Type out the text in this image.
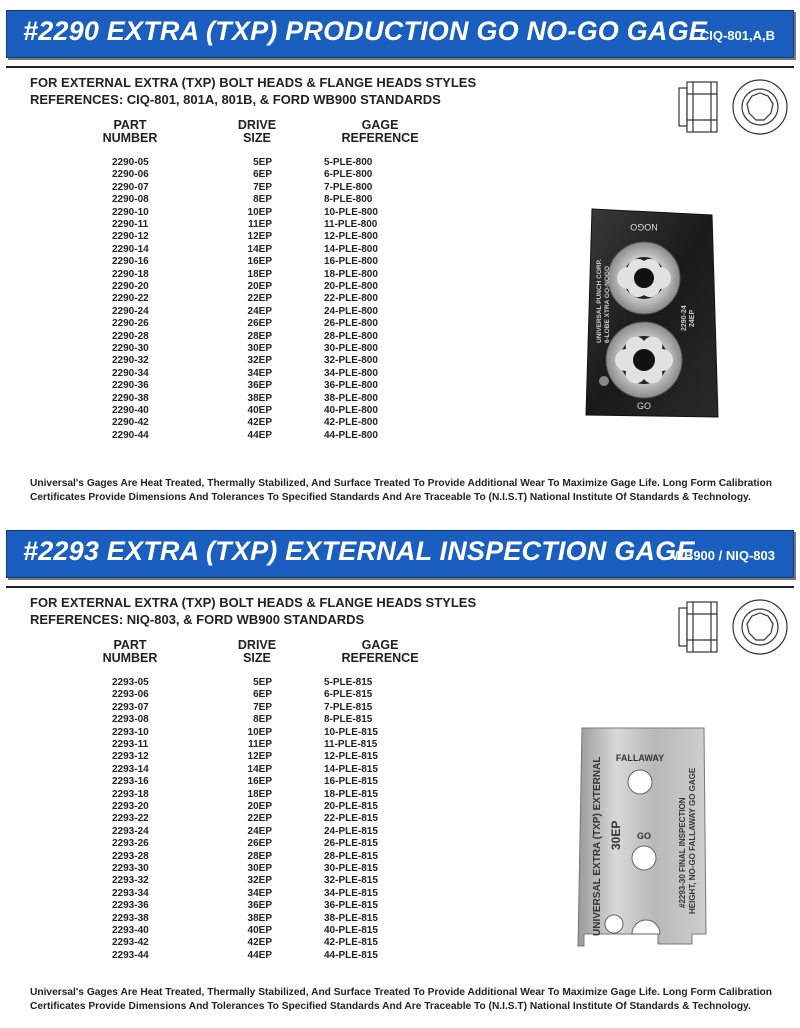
#2290 EXTRA (TXP) PRODUCTION GO NO-GO GAGE
CIQ-801,A,B
FOR EXTERNAL EXTRA (TXP) BOLT HEADS & FLANGE HEADS STYLES
REFERENCES: CIQ-801, 801A, 801B, & FORD WB900 STANDARDS
PART
NUMBER
DRIVE
SIZE
GAGE
REFERENCE
2290-05	5EP	5-PLE-800
2290-06	6EP	6-PLE-800
2290-07	7EP	7-PLE-800
2290-08	8EP	8-PLE-800
2290-10	10EP	10-PLE-800
2290-11	11EP	11-PLE-800
2290-12	12EP	12-PLE-800
2290-14	14EP	14-PLE-800
2290-16	16EP	16-PLE-800
2290-18	18EP	18-PLE-800
2290-20	20EP	20-PLE-800
2290-22	22EP	22-PLE-800
2290-24	24EP	24-PLE-800
2290-26	26EP	26-PLE-800
2290-28	28EP	28-PLE-800
2290-30	30EP	30-PLE-800
2290-32	32EP	32-PLE-800
2290-34	34EP	34-PLE-800
2290-36	36EP	36-PLE-800
2290-38	38EP	38-PLE-800
2290-40	40EP	40-PLE-800
2290-42	42EP	42-PLE-800
2290-44	44EP	44-PLE-800
NOGO
GO
UNIVERSAL PUNCH CORP. 6-LOBE XTRA GO-NOGO	2290-24 24EP
Universal's Gages Are Heat Treated, Thermally Stabilized, And Surface Treated To Provide Additional Wear To Maximize Gage Life. Long Form Calibration Certificates Provide Dimensions And Tolerances To Specified Standards And Are Traceable To (N.I.S.T) National Institute Of Standards & Technology.
#2293 EXTRA (TXP) EXTERNAL INSPECTION GAGE
WB900 / NIQ-803
FOR EXTERNAL EXTRA (TXP) BOLT HEADS & FLANGE HEADS STYLES
REFERENCES: NIQ-803, & FORD WB900 STANDARDS
PART
NUMBER
DRIVE
SIZE
GAGE
REFERENCE
2293-05	5EP	5-PLE-815
2293-06	6EP	6-PLE-815
2293-07	7EP	7-PLE-815
2293-08	8EP	8-PLE-815
2293-10	10EP	10-PLE-815
2293-11	11EP	11-PLE-815
2293-12	12EP	12-PLE-815
2293-14	14EP	14-PLE-815
2293-16	16EP	16-PLE-815
2293-18	18EP	18-PLE-815
2293-20	20EP	20-PLE-815
2293-22	22EP	22-PLE-815
2293-24	24EP	24-PLE-815
2293-26	26EP	26-PLE-815
2293-28	28EP	28-PLE-815
2293-30	30EP	30-PLE-815
2293-32	32EP	32-PLE-815
2293-34	34EP	34-PLE-815
2293-36	36EP	36-PLE-815
2293-38	38EP	38-PLE-815
2293-40	40EP	40-PLE-815
2293-42	42EP	42-PLE-815
2293-44	44EP	44-PLE-815
FALLAWAY
GO
UNIVERSAL EXTRA (TXP) EXTERNAL 30EP	#2293-30 FINAL INSPECTION HEIGHT, NO-GO FALLAWAY GO GAGE
Universal's Gages Are Heat Treated, Thermally Stabilized, And Surface Treated To Provide Additional Wear To Maximize Gage Life. Long Form Calibration Certificates Provide Dimensions And Tolerances To Specified Standards And Are Traceable To (N.I.S.T) National Institute Of Standards & Technology.
